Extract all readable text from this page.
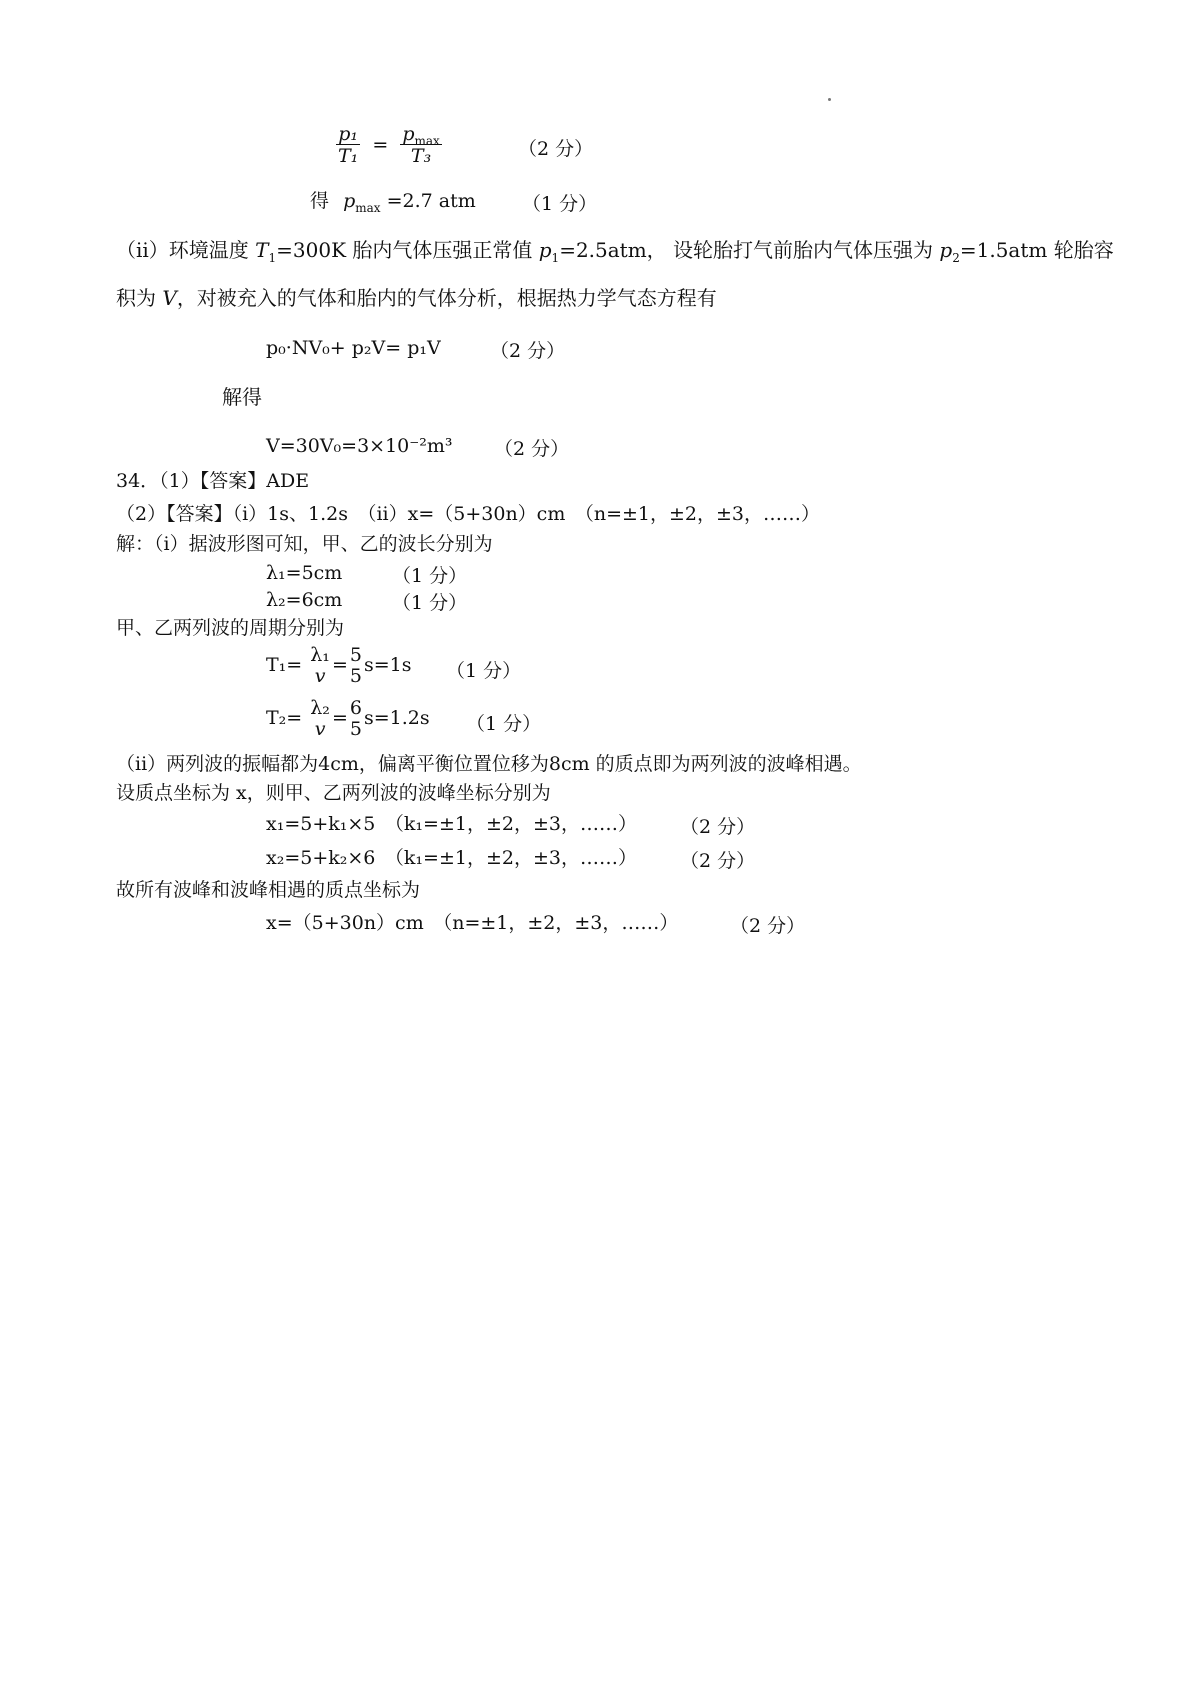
$\frac{\text{p₁}}{\text{T₁}} = \frac{p_{max}}{\text{T₃}}$	（2 分）
得 $p_{max} =2.7$ atm （1 分）
（ii）环境温度 $T_1=300K$ 胎内气体压强正常值 $p_1=2.5atm$， 设轮胎打气前胎内气体压强为 $p_2=1.5atm$ 轮胎容
积为 V，对被充入的气体和胎内的气体分析，根据热力学气态方程有
p₀·NV₀+ p₂V= p₁V	（2 分）
解得
V=30V₀=3×10⁻²m³ （2 分）
34．（1）【答案】ADE
（2）【答案】（i）1s、1.2s　（ii）x=（5+30n）cm　（n=±1，±2，±3，……）
解：（i）据波形图可知，甲、乙的波长分别为
λ₁=5cm	（1 分）
λ₂=6cm	（1 分）
甲、乙两列波的周期分别为
T₁= λ₁
v = 5
5 s=1s （1 分）
T₂= λ₂
v = 6
5 s=1.2s （1 分）
（ii）两列波的振幅都为4cm，偏离平衡位置位移为8cm 的质点即为两列波的波峰相遇。
设质点坐标为 x，则甲、乙两列波的波峰坐标分别为
x₁=5+k₁×5　（k₁=±1，±2，±3，……） （2 分）
x₂=5+k₂×6　（k₁=±1，±2，±3，……） （2 分）
故所有波峰和波峰相遇的质点坐标为
x=（5+30n）cm　（n=±1，±2，±3，……）	（2 分）
